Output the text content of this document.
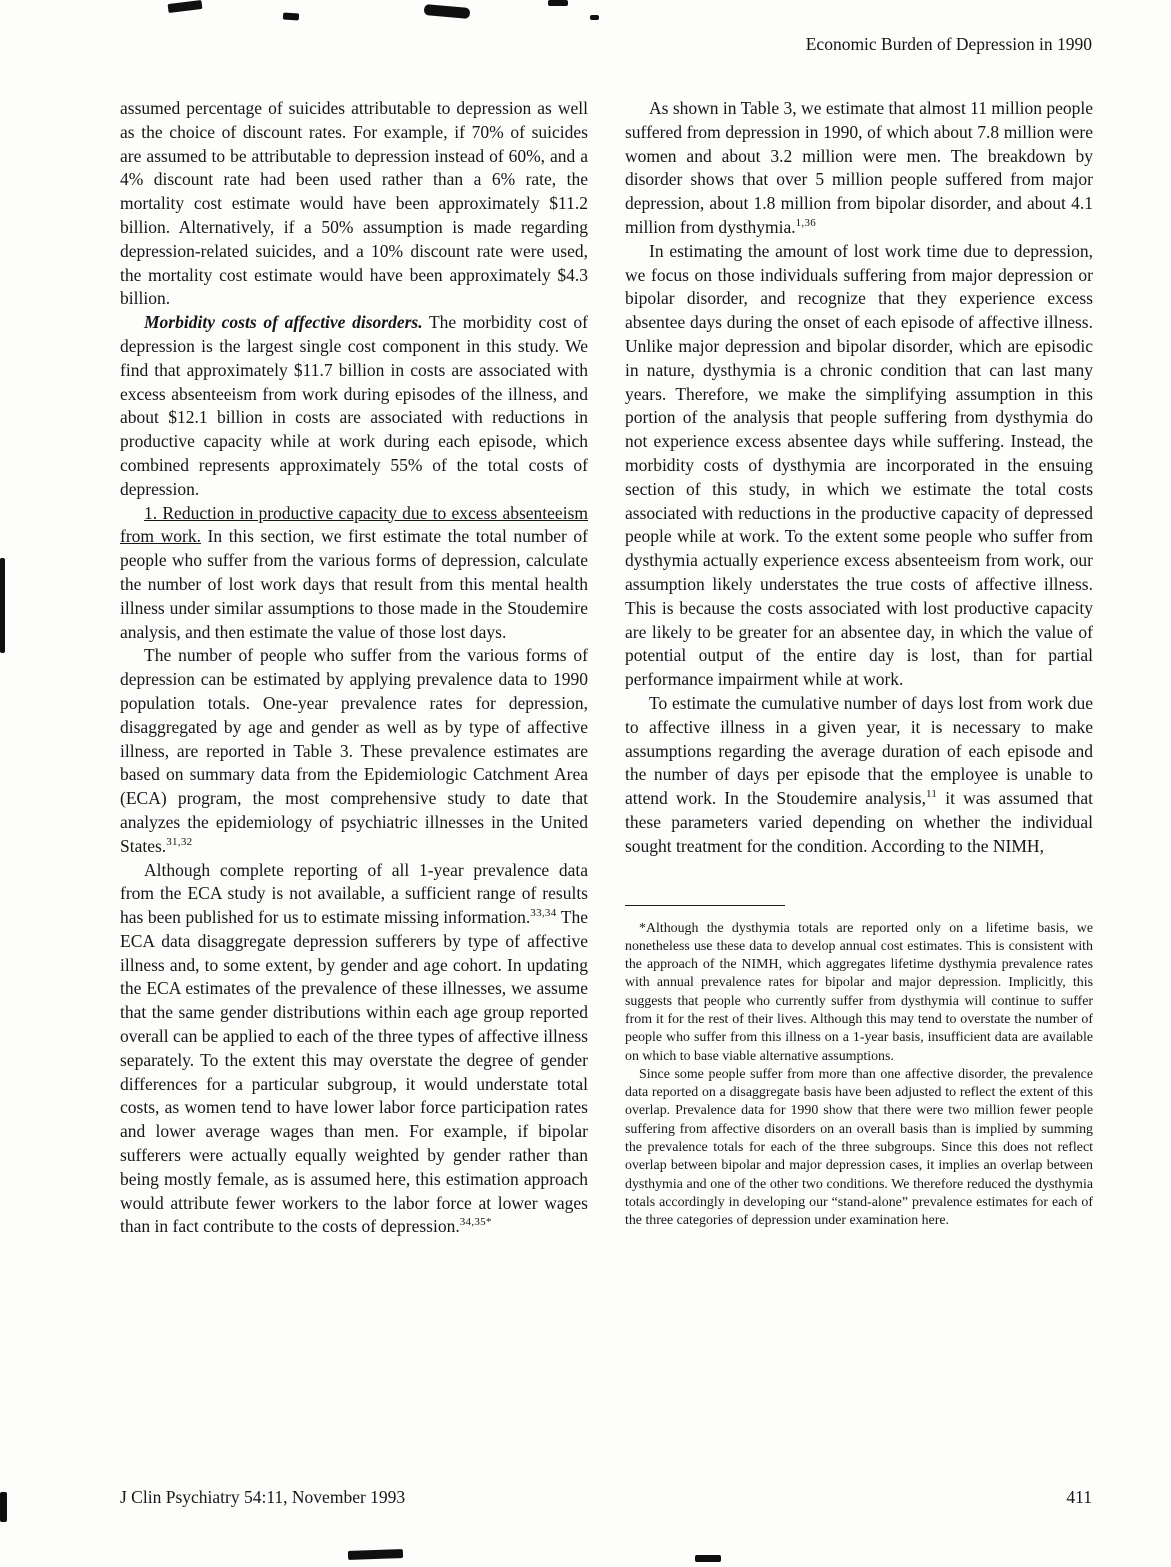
Economic Burden of Depression in 1990

assumed percentage of suicides attributable to depression as well as the choice of discount rates. For example, if 70% of suicides are assumed to be attributable to depression instead of 60%, and a 4% discount rate had been used rather than a 6% rate, the mortality cost estimate would have been approximately $11.2 billion. Alternatively, if a 50% assumption is made regarding depression-related suicides, and a 10% discount rate were used, the mortality cost estimate would have been approximately $4.3 billion.

Morbidity costs of affective disorders. The morbidity cost of depression is the largest single cost component in this study. We find that approximately $11.7 billion in costs are associated with excess absenteeism from work during episodes of the illness, and about $12.1 billion in costs are associated with reductions in productive capacity while at work during each episode, which combined represents approximately 55% of the total costs of depression.

1. Reduction in productive capacity due to excess absenteeism from work. In this section, we first estimate the total number of people who suffer from the various forms of depression, calculate the number of lost work days that result from this mental health illness under similar assumptions to those made in the Stoudemire analysis, and then estimate the value of those lost days.

The number of people who suffer from the various forms of depression can be estimated by applying prevalence data to 1990 population totals. One-year prevalence rates for depression, disaggregated by age and gender as well as by type of affective illness, are reported in Table 3. These prevalence estimates are based on summary data from the Epidemiologic Catchment Area (ECA) program, the most comprehensive study to date that analyzes the epidemiology of psychiatric illnesses in the United States.$^{31,32}$

Although complete reporting of all 1-year prevalence data from the ECA study is not available, a sufficient range of results has been published for us to estimate missing information.$^{33,34}$ The ECA data disaggregate depression sufferers by type of affective illness and, to some extent, by gender and age cohort. In updating the ECA estimates of the prevalence of these illnesses, we assume that the same gender distributions within each age group reported overall can be applied to each of the three types of affective illness separately. To the extent this may overstate the degree of gender differences for a particular subgroup, it would understate total costs, as women tend to have lower labor force participation rates and lower average wages than men. For example, if bipolar sufferers were actually equally weighted by gender rather than being mostly female, as is assumed here, this estimation approach would attribute fewer workers to the labor force at lower wages than in fact contribute to the costs of depression.$^{34,35*}$

As shown in Table 3, we estimate that almost 11 million people suffered from depression in 1990, of which about 7.8 million were women and about 3.2 million were men. The breakdown by disorder shows that over 5 million people suffered from major depression, about 1.8 million from bipolar disorder, and about 4.1 million from dysthymia.$^{1,36}$

In estimating the amount of lost work time due to depression, we focus on those individuals suffering from major depression or bipolar disorder, and recognize that they experience excess absentee days during the onset of each episode of affective illness. Unlike major depression and bipolar disorder, which are episodic in nature, dysthymia is a chronic condition that can last many years. Therefore, we make the simplifying assumption in this portion of the analysis that people suffering from dysthymia do not experience excess absentee days while suffering. Instead, the morbidity costs of dysthymia are incorporated in the ensuing section of this study, in which we estimate the total costs associated with reductions in the productive capacity of depressed people while at work. To the extent some people who suffer from dysthymia actually experience excess absenteeism from work, our assumption likely understates the true costs of affective illness. This is because the costs associated with lost productive capacity are likely to be greater for an absentee day, in which the value of potential output of the entire day is lost, than for partial performance impairment while at work.

To estimate the cumulative number of days lost from work due to affective illness in a given year, it is necessary to make assumptions regarding the average duration of each episode and the number of days per episode that the employee is unable to attend work. In the Stoudemire analysis,$^{11}$ it was assumed that these parameters varied depending on whether the individual sought treatment for the condition. According to the NIMH,

*Although the dysthymia totals are reported only on a lifetime basis, we nonetheless use these data to develop annual cost estimates. This is consistent with the approach of the NIMH, which aggregates lifetime dysthymia prevalence rates with annual prevalence rates for bipolar and major depression. Implicitly, this suggests that people who currently suffer from dysthymia will continue to suffer from it for the rest of their lives. Although this may tend to overstate the number of people who suffer from this illness on a 1-year basis, insufficient data are available on which to base viable alternative assumptions.

Since some people suffer from more than one affective disorder, the prevalence data reported on a disaggregate basis have been adjusted to reflect the extent of this overlap. Prevalence data for 1990 show that there were two million fewer people suffering from affective disorders on an overall basis than is implied by summing the prevalence totals for each of the three subgroups. Since this does not reflect overlap between bipolar and major depression cases, it implies an overlap between dysthymia and one of the other two conditions. We therefore reduced the dysthymia totals accordingly in developing our “stand-alone” prevalence estimates for each of the three categories of depression under examination here.

J Clin Psychiatry 54:11, November 1993	411
